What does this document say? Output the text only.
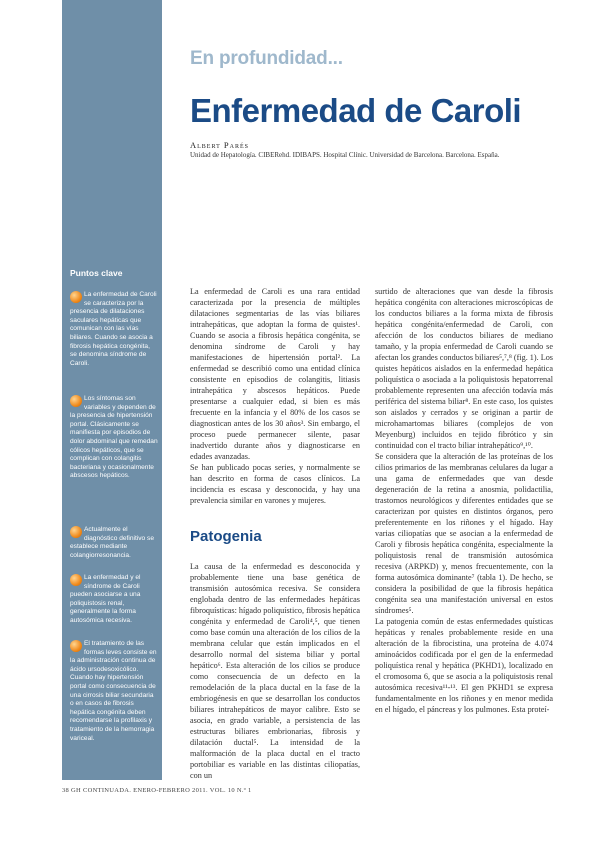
Puntos clave
La enfermedad de Caroli se caracteriza por la presencia de dilataciones saculares hepáticas que comunican con las vías biliares. Cuando se asocia a fibrosis hepática congénita, se denomina síndrome de Caroli.
Los síntomas son variables y dependen de la presencia de hipertensión portal. Clásicamente se manifiesta por episodios de dolor abdominal que remedan cólicos hepáticos, que se complican con colangitis bacteriana y ocasionalmente abscesos hepáticos.
Actualmente el diagnóstico definitivo se establece mediante colangiorresonancia.
La enfermedad y el síndrome de Caroli pueden asociarse a una poliquistosis renal, generalmente la forma autosómica recesiva.
El tratamiento de las formas leves consiste en la administración continua de ácido ursodesoxicólico. Cuando hay hipertensión portal como consecuencia de una cirrosis biliar secundaria o en casos de fibrosis hepática congénita deben recomendarse la profilaxis y tratamiento de la hemorragia variceal.
En profundidad...
Enfermedad de Caroli
Albert Parés
Unidad de Hepatología. CIBERehd. IDIBAPS. Hospital Clínic. Universidad de Barcelona. Barcelona. España.

La enfermedad de Caroli es una rara entidad caracterizada por la presencia de múltiples dilataciones segmentarias de las vías biliares intrahepáticas, que adoptan la forma de quistes¹. Cuando se asocia a fibrosis hepática congénita, se denomina síndrome de Caroli y hay manifestaciones de hipertensión portal². La enfermedad se describió como una entidad clínica consistente en episodios de colangitis, litiasis intrahepática y abscesos hepáticos. Puede presentarse a cualquier edad, si bien es más frecuente en la infancia y el 80% de los casos se diagnostican antes de los 30 años³. Sin embargo, el proceso puede permanecer silente, pasar inadvertido durante años y diagnosticarse en edades avanzadas.

Se han publicado pocas series, y normalmente se han descrito en forma de casos clínicos. La incidencia es escasa y desconocida, y hay una prevalencia similar en varones y mujeres.

Patogenia

La causa de la enfermedad es desconocida y probablemente tiene una base genética de transmisión autosómica recesiva. Se considera englobada dentro de las enfermedades hepáticas fibroquísticas: hígado poliquístico, fibrosis hepática congénita y enfermedad de Caroli⁴,⁵, que tienen como base común una alteración de los cilios de la membrana celular que están implicados en el desarrollo normal del sistema biliar y portal hepático⁶. Esta alteración de los cilios se produce como consecuencia de un defecto en la remodelación de la placa ductal en la fase de la embriogénesis en que se desarrollan los conductos biliares intrahepáticos de mayor calibre. Esto se asocia, en grado variable, a persistencia de las estructuras biliares embrionarias, fibrosis y dilatación ductal⁵. La intensidad de la malformación de la placa ductal en el tracto portobiliar es variable en las distintas ciliopatías, con un

surtido de alteraciones que van desde la fibrosis hepática congénita con alteraciones microscópicas de los conductos biliares a la forma mixta de fibrosis hepática congénita/enfermedad de Caroli, con afección de los conductos biliares de mediano tamaño, y la propia enfermedad de Caroli cuando se afectan los grandes conductos biliares⁵,⁷,⁸ (fig. 1). Los quistes hepáticos aislados en la enfermedad hepática poliquística o asociada a la poliquistosis hepatorrenal probablemente representen una afección todavía más periférica del sistema biliar⁸. En este caso, los quistes son aislados y cerrados y se originan a partir de microhamartomas biliares (complejos de von Meyenburg) incluidos en tejido fibrótico y sin continuidad con el tracto biliar intrahepático⁹,¹⁰.

Se considera que la alteración de las proteínas de los cilios primarios de las membranas celulares da lugar a una gama de enfermedades que van desde degeneración de la retina a anosmia, polidactilia, trastornos neurológicos y diferentes entidades que se caracterizan por quistes en distintos órganos, pero preferentemente en los riñones y el hígado. Hay varias ciliopatías que se asocian a la enfermedad de Caroli y fibrosis hepática congénita, especialmente la poliquistosis renal de transmisión autosómica recesiva (ARPKD) y, menos frecuentemente, con la forma autosómica dominante⁷ (tabla 1). De hecho, se considera la posibilidad de que la fibrosis hepática congénita sea una manifestación universal en estos síndromes⁵.

La patogenia común de estas enfermedades quísticas hepáticas y renales probablemente reside en una alteración de la fibrocistina, una proteína de 4.074 aminoácidos codificada por el gen de la enfermedad poliquística renal y hepática (PKHD1), localizado en el cromosoma 6, que se asocia a la poliquistosis renal autosómica recesiva¹¹-¹³. El gen PKHD1 se expresa fundamentalmente en los riñones y en menor medida en el hígado, el páncreas y los pulmones. Esta proteí-

38 GH CONTINUADA. ENERO-FEBRERO 2011. VOL. 10 N.º 1
